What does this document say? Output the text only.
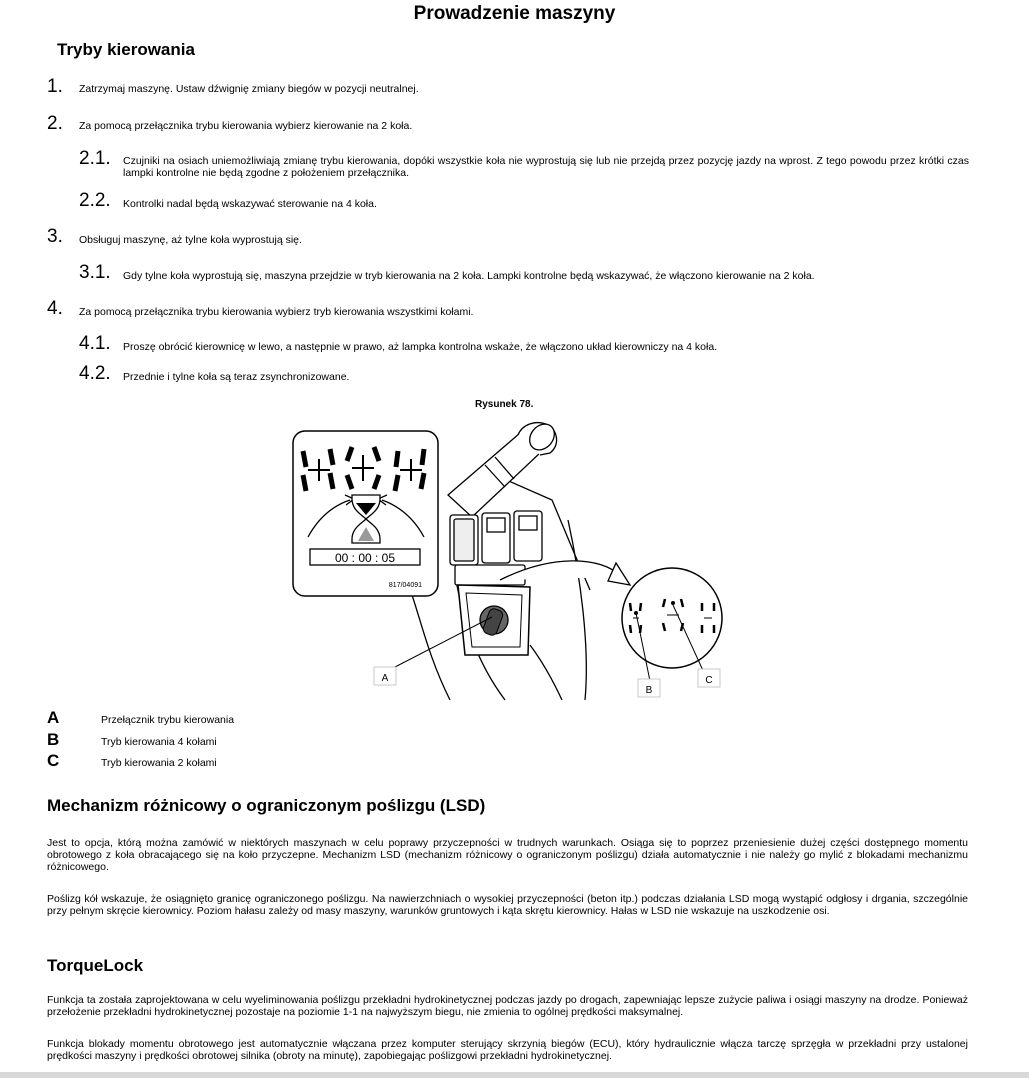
Prowadzenie maszyny
Tryby kierowania
1. Zatrzymaj maszynę. Ustaw dźwignię zmiany biegów w pozycji neutralnej.
2. Za pomocą przełącznika trybu kierowania wybierz kierowanie na 2 koła.
2.1. Czujniki na osiach uniemożliwiają zmianę trybu kierowania, dopóki wszystkie koła nie wyprostują się lub nie przejdą przez pozycję jazdy na wprost. Z tego powodu przez krótki czas lampki kontrolne nie będą zgodne z położeniem przełącznika.
2.2. Kontrolki nadal będą wskazywać sterowanie na 4 koła.
3. Obsługuj maszynę, aż tylne koła wyprostują się.
3.1. Gdy tylne koła wyprostują się, maszyna przejdzie w tryb kierowania na 2 koła. Lampki kontrolne będą wskazywać, że włączono kierowanie na 2 koła.
4. Za pomocą przełącznika trybu kierowania wybierz tryb kierowania wszystkimi kołami.
4.1. Proszę obrócić kierownicę w lewo, a następnie w prawo, aż lampka kontrolna wskaże, że włączono układ kierowniczy na 4 koła.
4.2. Przednie i tylne koła są teraz zsynchronizowane.
Rysunek 78.
00 : 00 : 05
817/04091
A
B
C
A	Przełącznik trybu kierowania
B	Tryb kierowania 4 kołami
C	Tryb kierowania 2 kołami
Mechanizm różnicowy o ograniczonym poślizgu (LSD)
Jest to opcja, którą można zamówić w niektórych maszynach w celu poprawy przyczepności w trudnych warunkach. Osiąga się to poprzez przeniesienie dużej części dostępnego momentu obrotowego z koła obracającego się na koło przyczepne. Mechanizm LSD (mechanizm różnicowy o ograniczonym poślizgu) działa automatycznie i nie należy go mylić z blokadami mechanizmu różnicowego.
Poślizg kół wskazuje, że osiągnięto granicę ograniczonego poślizgu. Na nawierzchniach o wysokiej przyczepności (beton itp.) podczas działania LSD mogą wystąpić odgłosy i drgania, szczególnie przy pełnym skręcie kierownicy. Poziom hałasu zależy od masy maszyny, warunków gruntowych i kąta skrętu kierownicy. Hałas w LSD nie wskazuje na uszkodzenie osi.
TorqueLock
Funkcja ta została zaprojektowana w celu wyeliminowania poślizgu przekładni hydrokinetycznej podczas jazdy po drogach, zapewniając lepsze zużycie paliwa i osiągi maszyny na drodze. Ponieważ przełożenie przekładni hydrokinetycznej pozostaje na poziomie 1-1 na najwyższym biegu, nie zmienia to ogólnej prędkości maksymalnej.
Funkcja blokady momentu obrotowego jest automatycznie włączana przez komputer sterujący skrzynią biegów (ECU), który hydraulicznie włącza tarczę sprzęgła w przekładni przy ustalonej prędkości maszyny i prędkości obrotowej silnika (obroty na minutę), zapobiegając poślizgowi przekładni hydrokinetycznej.
